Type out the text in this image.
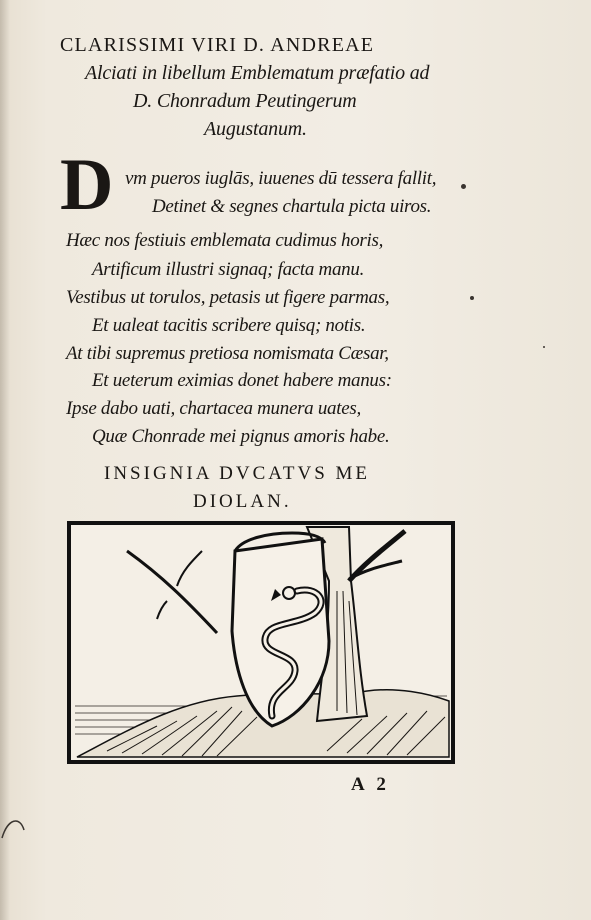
CLARISSIMI VIRI D. ANDREAE
Alciati in libellum Emblematum præfatio ad
D. Chonradum Peutingerum
Augustanum.
D vm pueros iuglās, iuuenes dū tessera fallit,
Detinet & segnes chartula picta uiros.
Hæc nos festiuis emblemata cudimus horis,
Artificum illustri signaq; facta manu.
Vestibus ut torulos, petasis ut figere parmas,
Et ualeat tacitis scribere quisq; notis.
At tibi supremus pretiosa nomismata Cæsar,
Et ueterum eximias donet habere manus:
Ipse dabo uati, chartacea munera uates,
Quæ Chonrade mei pignus amoris habe.
INSIGNIA DVCATVS ME
DIOLAN.
A 2
